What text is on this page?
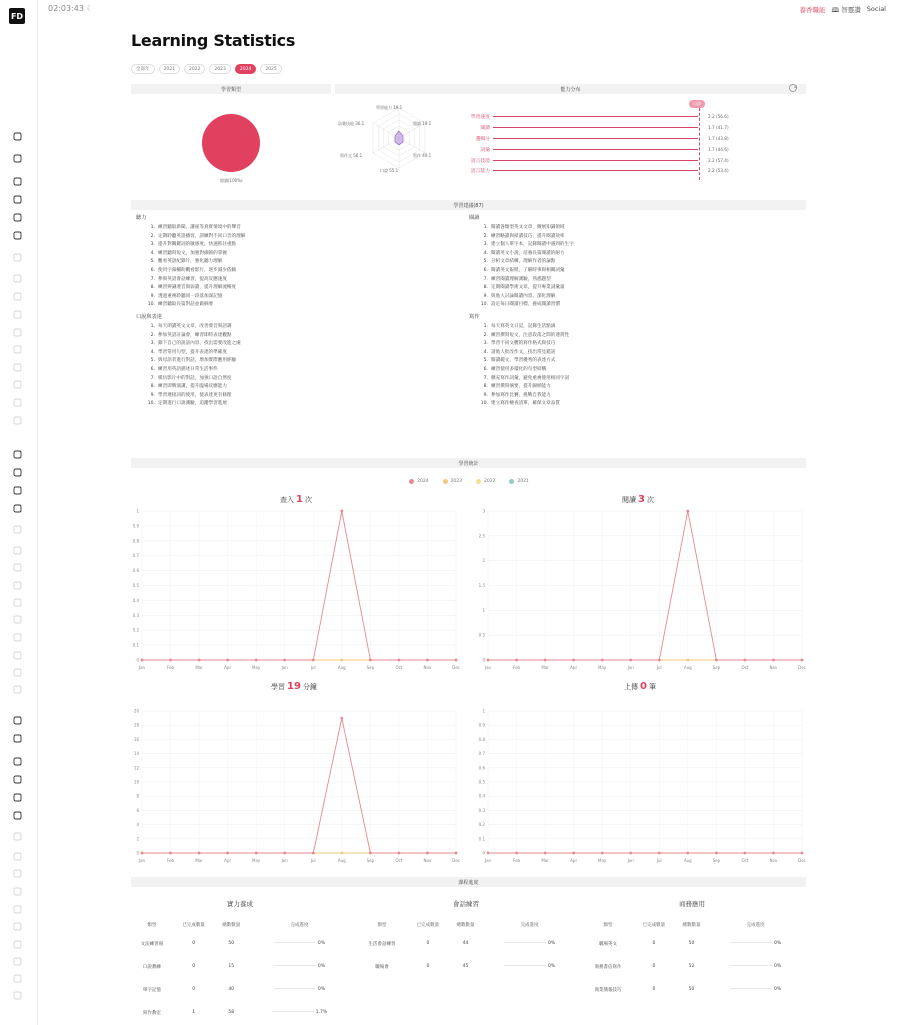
FD
02:03:43 ☾	養香職能 🕮 智靈讚 Social
Learning Statistics
全部年	2021	2022	2023	2024	2025
學習類型	能力分布
閱讀(100%)
學習能力 19.1
閱讀 19.1
寫作 49.1
口說 55.1
寫作文 56.1
語彙技能 36.1
目前
學習速度	2.2 (56.6)
閱讀	1.7 (41.7)
邏輯分	1.7 (43.8)
詞彙	1.7 (44.6)
語言技能	2.2 (57.4)
語言能力	2.2 (53.4)
學習建議(87)
聽力
1. 練習聽取新聞、講座等真實情境中的聲音
2. 定期聆聽英語播客，訓練對不同口音的理解
3. 提升對關鍵詞的敏感度，快速抓住重點
4. 練習聽寫短文，加強對細節的掌握
5. 觀看英語紀錄片，強化聽力理解
6. 使用字幕輔助觀看影片，逐步減少依賴
7. 參與英語會話練習，提高反應速度
8. 練習辨識連音與弱讀，提升理解流暢度
9. 透過重複聆聽同一段落加深記憶
10. 練習聽取長篇對話並做摘要
口說與表達
1. 每天朗讀英文文章，改善發音與語調
2. 參加英語討論會，練習即時表達觀點
3. 錄下自己的說話內容，找出需要改進之處
4. 學習常用句型，提升表達的準確度
5. 與母語者進行對話，增加實際應用經驗
6. 練習用英語描述日常生活事件
7. 模仿影片中的對話，加強口語自然度
8. 練習即興演講，提升臨場反應能力
9. 學習連接詞的使用，使表達更有條理
10. 定期進行口說測驗，追蹤學習進展
閱讀
1. 閱讀各類型英文文章，擴展知識領域
2. 練習略讀與掃讀技巧，提升閱讀效率
3. 建立個人單字本，記錄閱讀中遇到的生字
4. 閱讀英文小說，培養長篇閱讀的耐力
5. 分析文章結構，理解作者的論點
6. 閱讀英文報紙，了解時事與相關詞彙
7. 練習閱讀理解測驗，熟悉題型
8. 定期閱讀學術文章，提升專業詞彙量
9. 與他人討論閱讀內容，深化理解
10. 設定每日閱讀目標，養成閱讀習慣
寫作
1. 每天寫英文日記，記錄生活點滴
2. 練習撰寫短文，注意段落之間的連貫性
3. 學習不同文體的寫作格式與技巧
4. 請他人批改作文，找出常見錯誤
5. 閱讀範文，學習優秀的表達方式
6. 練習使用多樣化的句型結構
7. 擴充寫作詞彙，避免重複使用相同字詞
8. 練習撰寫摘要，提升歸納能力
9. 參加寫作比賽，挑戰自我能力
10. 建立寫作檢查清單，確保文章品質
學習統計
2024	2023	2022	2021
查入 1 次	閱讀 3 次
學習 19 分鐘	上傳 0 筆
0
0.1
0.2
0.3
0.4
0.5
0.6
0.7
0.8
0.9
1
Jan	Feb	Mar	Apr	May	Jun	Jul	Aug	Sep	Oct	Nov	Dec
0
0.5
1
1.5
2
2.5
3
Jan	Feb	Mar	Apr	May	Jun	Jul	Aug	Sep	Oct	Nov	Dec
0
2
4
6
8
10
12
14
16
18
20
Jan	Feb	Mar	Apr	May	Jun	Jul	Aug	Sep	Oct	Nov	Dec
0
0.1
0.2
0.3
0.4
0.5
0.6
0.7
0.8
0.9
1
Jan	Feb	Mar	Apr	May	Jun	Jul	Aug	Sep	Oct	Nov	Dec
課程進度
實力養成
類型	已完成數量	總數數量	完成進度
文法練習冊	0	50	0%
口說教練	0	15	0%
單字記憶	0	40	0%
寫作教室	1	58	1.7%
會話練習
類型	已完成數量	總數數量	完成進度
生活會話練習	0	44	0%
職場會	0	45	0%
商務應用
類型	已完成數量	總數數量	完成進度
職場英文	0	50	0%
商務書信寫作	0	52	0%
商業簡報技巧	0	50	0%
